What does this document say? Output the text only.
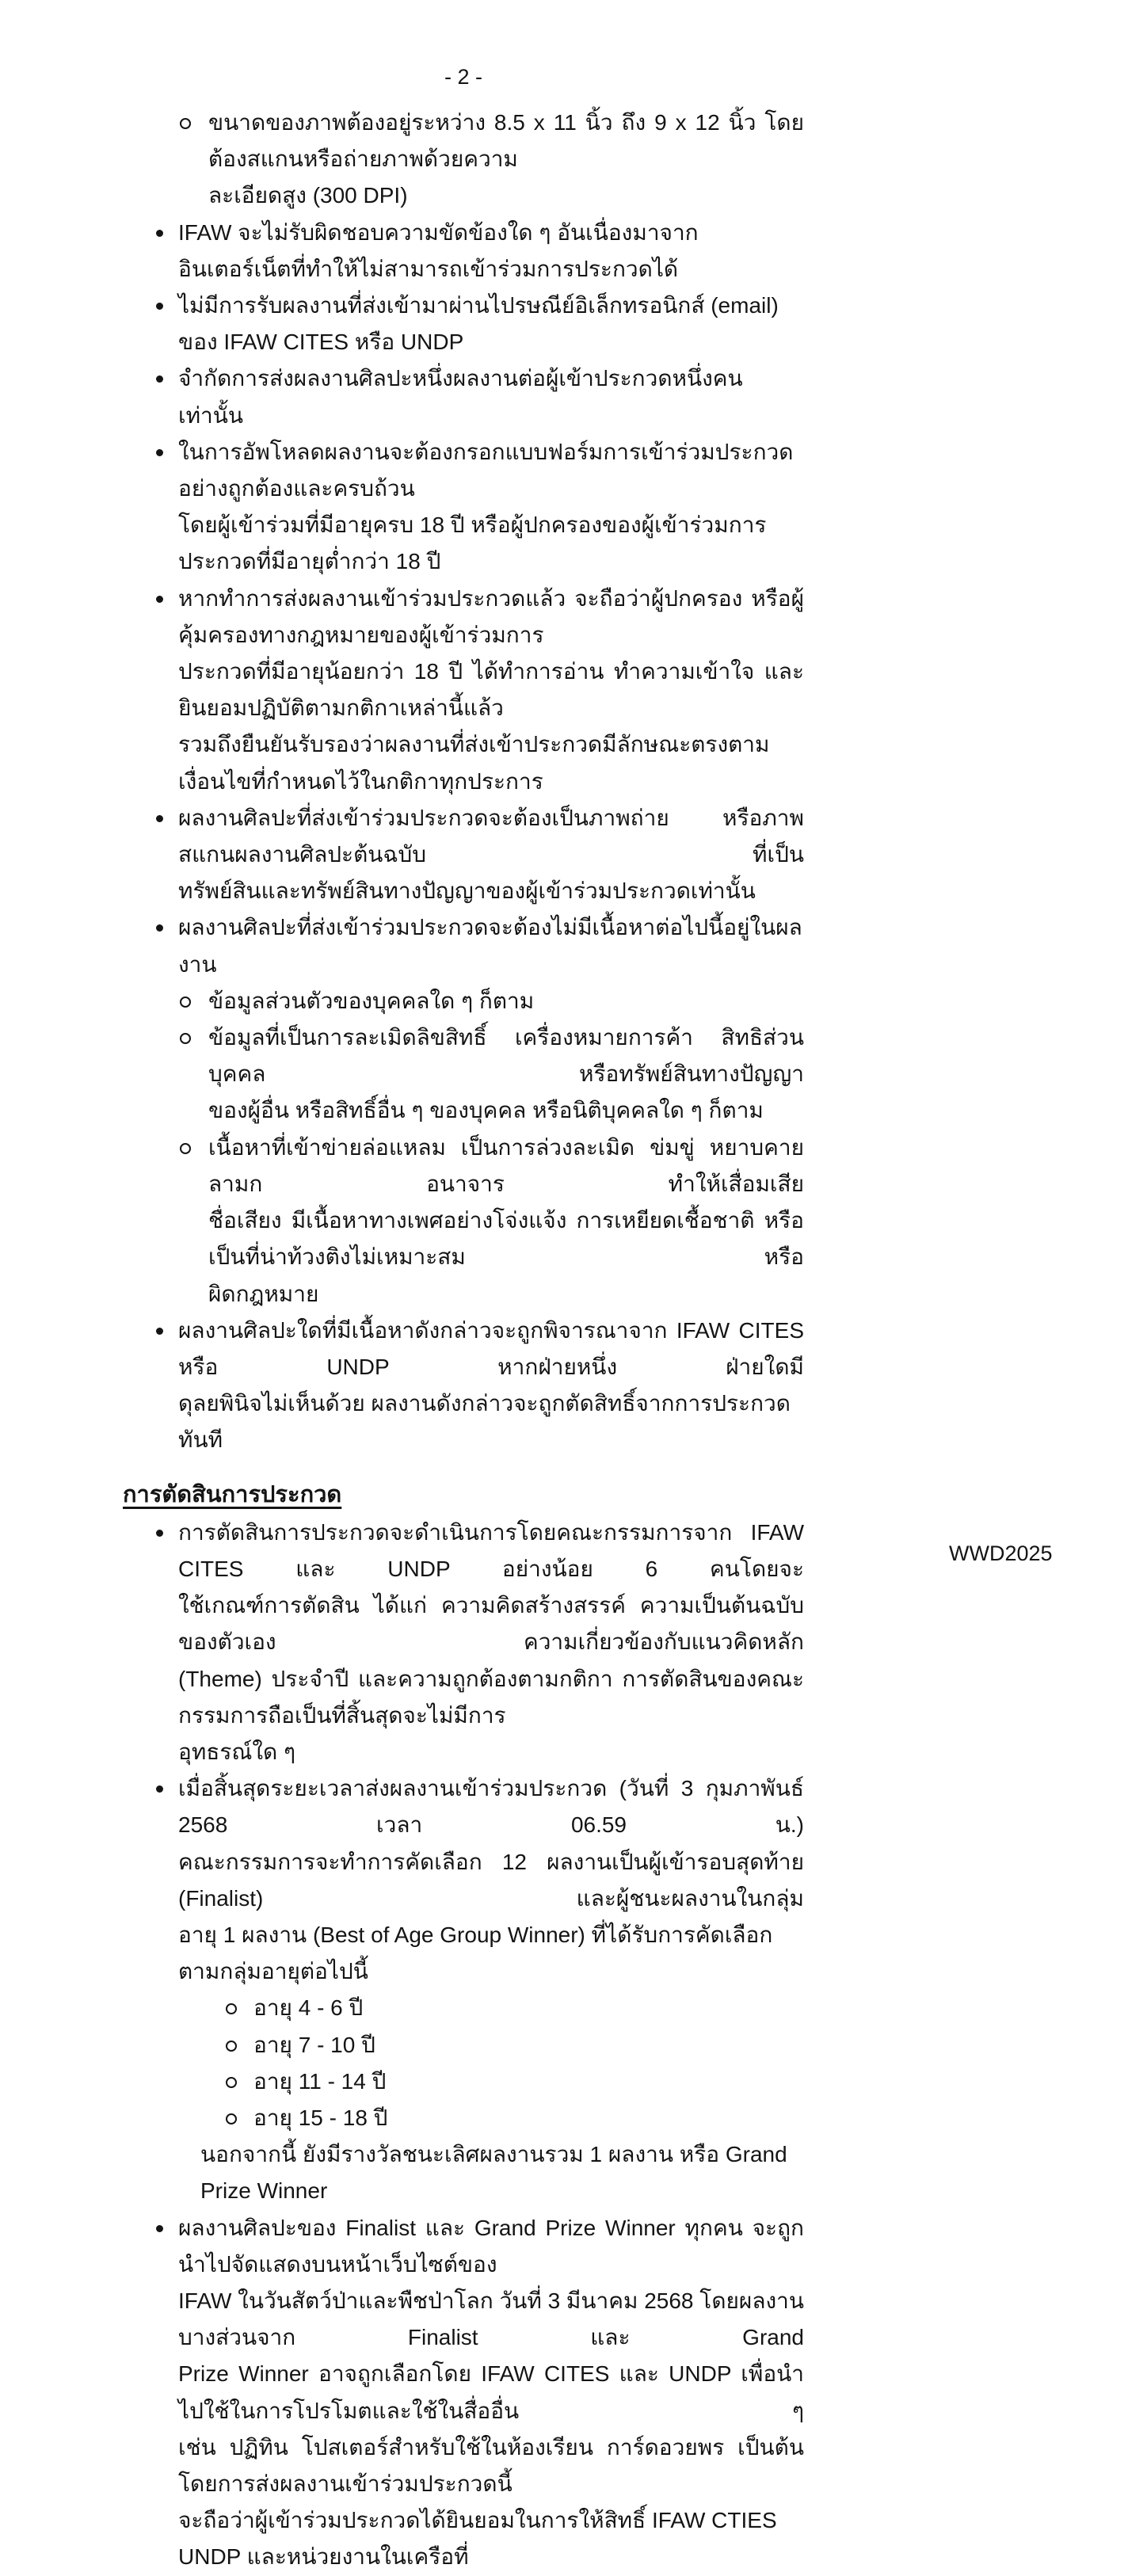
- 2 -
ขนาดของภาพต้องอยู่ระหว่าง 8.5 x 11 นิ้ว ถึง 9 x 12 นิ้ว โดยต้องสแกนหรือถ่ายภาพด้วยความ
ละเอียดสูง (300 DPI)
IFAW จะไม่รับผิดชอบความขัดข้องใด ๆ อันเนื่องมาจากอินเตอร์เน็ตที่ทำให้ไม่สามารถเข้าร่วมการประกวดได้
ไม่มีการรับผลงานที่ส่งเข้ามาผ่านไปรษณีย์อิเล็กทรอนิกส์ (email) ของ IFAW CITES หรือ UNDP
จำกัดการส่งผลงานศิลปะหนึ่งผลงานต่อผู้เข้าประกวดหนึ่งคนเท่านั้น
ในการอัพโหลดผลงานจะต้องกรอกแบบฟอร์มการเข้าร่วมประกวดอย่างถูกต้องและครบถ้วน
โดยผู้เข้าร่วมที่มีอายุครบ 18 ปี หรือผู้ปกครองของผู้เข้าร่วมการประกวดที่มีอายุต่ำกว่า 18 ปี
หากทำการส่งผลงานเข้าร่วมประกวดแล้ว จะถือว่าผู้ปกครอง หรือผู้คุ้มครองทางกฎหมายของผู้เข้าร่วมการ
ประกวดที่มีอายุน้อยกว่า 18 ปี ได้ทำการอ่าน ทำความเข้าใจ และยินยอมปฏิบัติตามกติกาเหล่านี้แล้ว
รวมถึงยืนยันรับรองว่าผลงานที่ส่งเข้าประกวดมีลักษณะตรงตามเงื่อนไขที่กำหนดไว้ในกติกาทุกประการ
ผลงานศิลปะที่ส่งเข้าร่วมประกวดจะต้องเป็นภาพถ่าย หรือภาพสแกนผลงานศิลปะต้นฉบับ ที่เป็น
ทรัพย์สินและทรัพย์สินทางปัญญาของผู้เข้าร่วมประกวดเท่านั้น
ผลงานศิลปะที่ส่งเข้าร่วมประกวดจะต้องไม่มีเนื้อหาต่อไปนี้อยู่ในผลงาน
ข้อมูลส่วนตัวของบุคคลใด ๆ ก็ตาม
ข้อมูลที่เป็นการละเมิดลิขสิทธิ์ เครื่องหมายการค้า สิทธิส่วนบุคคล หรือทรัพย์สินทางปัญญา
ของผู้อื่น หรือสิทธิ์อื่น ๆ ของบุคคล หรือนิติบุคคลใด ๆ ก็ตาม
เนื้อหาที่เข้าข่ายล่อแหลม เป็นการล่วงละเมิด ข่มขู่ หยาบคาย ลามก อนาจาร ทำให้เสื่อมเสีย
ชื่อเสียง มีเนื้อหาทางเพศอย่างโจ่งแจ้ง การเหยียดเชื้อชาติ หรือเป็นที่น่าท้วงติงไม่เหมาะสม หรือ
ผิดกฎหมาย
ผลงานศิลปะใดที่มีเนื้อหาดังกล่าวจะถูกพิจารณาจาก IFAW CITES หรือ UNDP หากฝ่ายหนึ่ง ฝ่ายใดมี
ดุลยพินิจไม่เห็นด้วย ผลงานดังกล่าวจะถูกตัดสิทธิ์จากการประกวดทันที
การตัดสินการประกวด
การตัดสินการประกวดจะดำเนินการโดยคณะกรรมการจาก IFAW CITES และ UNDP อย่างน้อย 6 คนโดยจะ
ใช้เกณฑ์การตัดสิน ได้แก่ ความคิดสร้างสรรค์ ความเป็นต้นฉบับของตัวเอง ความเกี่ยวข้องกับแนวคิดหลัก
(Theme) ประจำปี และความถูกต้องตามกติกา การตัดสินของคณะกรรมการถือเป็นที่สิ้นสุดจะไม่มีการ
อุทธรณ์ใด ๆ
เมื่อสิ้นสุดระยะเวลาส่งผลงานเข้าร่วมประกวด (วันที่ 3 กุมภาพันธ์ 2568 เวลา 06.59 น.)
คณะกรรมการจะทำการคัดเลือก 12 ผลงานเป็นผู้เข้ารอบสุดท้าย (Finalist) และผู้ชนะผลงานในกลุ่ม
อายุ 1 ผลงาน (Best of Age Group Winner) ที่ได้รับการคัดเลือกตามกลุ่มอายุต่อไปนี้
อายุ 4 - 6 ปี
อายุ 7 - 10 ปี
อายุ 11 - 14 ปี
อายุ 15 - 18 ปี
นอกจากนี้ ยังมีรางวัลชนะเลิศผลงานรวม 1 ผลงาน หรือ Grand Prize Winner
ผลงานศิลปะของ Finalist และ Grand Prize Winner ทุกคน จะถูกนำไปจัดแสดงบนหน้าเว็บไซต์ของ
IFAW ในวันสัตว์ป่าและพืชป่าโลก วันที่ 3 มีนาคม 2568 โดยผลงานบางส่วนจาก Finalist และ Grand
Prize Winner อาจถูกเลือกโดย IFAW CITES และ UNDP เพื่อนำไปใช้ในการโปรโมตและใช้ในสื่ออื่น ๆ
เช่น ปฏิทิน โปสเตอร์สำหรับใช้ในห้องเรียน การ์ดอวยพร เป็นต้น โดยการส่งผลงานเข้าร่วมประกวดนี้
จะถือว่าผู้เข้าร่วมประกวดได้ยินยอมในการให้สิทธิ์ IFAW CTIES UNDP และหน่วยงานในเครือที่
WWD2025
